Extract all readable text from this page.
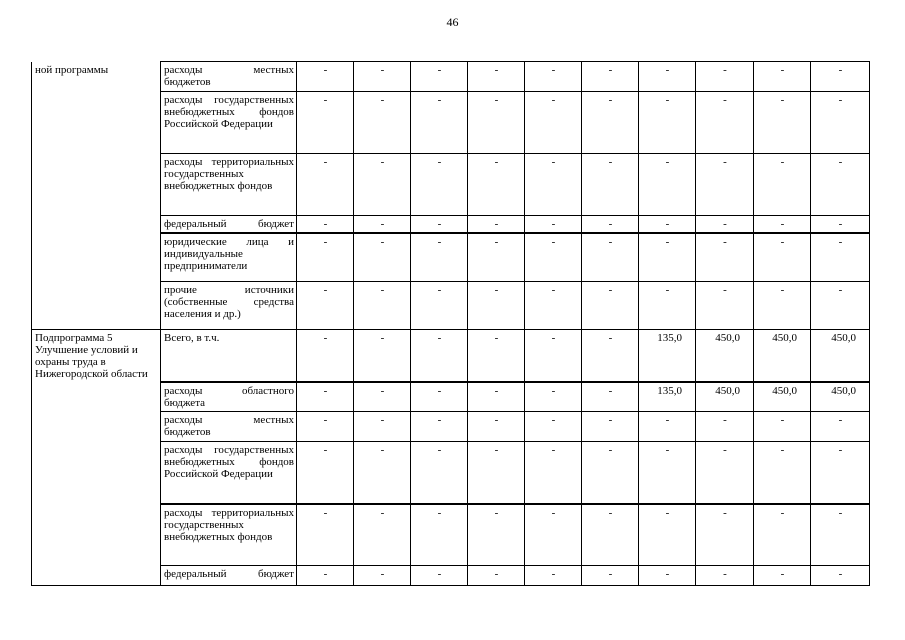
46
ной программы	расходы местных бюджетов	-	-	-	-	-	-	-	-	-	-
	расходы государственных внебюджетных фондов Российской Федерации	-	-	-	-	-	-	-	-	-	-
	расходы территориальных государственных внебюджетных фондов	-	-	-	-	-	-	-	-	-	-
	федеральный бюджет	-	-	-	-	-	-	-	-	-	-
	юридические лица и индивидуальные предприниматели	-	-	-	-	-	-	-	-	-	-
	прочие источники (собственные средства населения и др.)	-	-	-	-	-	-	-	-	-	-
Подпрограмма 5 Улучшение условий и охраны труда в Нижегородской области	Всего, в т.ч.	-	-	-	-	-	-	135,0	450,0	450,0	450,0
	расходы областного бюджета	-	-	-	-	-	-	135,0	450,0	450,0	450,0
	расходы местных бюджетов	-	-	-	-	-	-	-	-	-	-
	расходы государственных внебюджетных фондов Российской Федерации	-	-	-	-	-	-	-	-	-	-
	расходы территориальных государственных внебюджетных фондов	-	-	-	-	-	-	-	-	-	-
	федеральный бюджет	-	-	-	-	-	-	-	-	-	-
